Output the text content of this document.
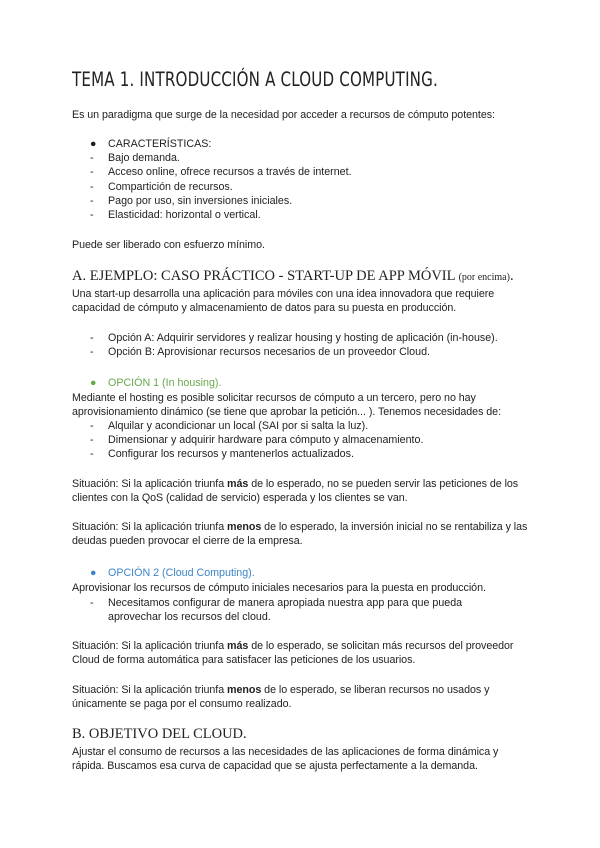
TEMA 1. INTRODUCCIÓN A CLOUD COMPUTING.
Es un paradigma que surge de la necesidad por acceder a recursos de cómputo potentes:
● CARACTERÍSTICAS:
- Bajo demanda.
- Acceso online, ofrece recursos a través de internet.
- Compartición de recursos.
- Pago por uso, sin inversiones iniciales.
- Elasticidad: horizontal o vertical.
Puede ser liberado con esfuerzo mínimo.
A. EJEMPLO: CASO PRÁCTICO - START-UP DE APP MÓVIL (por encima).
Una start-up desarrolla una aplicación para móviles con una idea innovadora que requiere capacidad de cómputo y almacenamiento de datos para su puesta en producción.
- Opción A: Adquirir servidores y realizar housing y hosting de aplicación (in-house).
- Opción B: Aprovisionar recursos necesarios de un proveedor Cloud.
● OPCIÓN 1 (In housing).
Mediante el hosting es posible solicitar recursos de cómputo a un tercero, pero no hay aprovisionamiento dinámico (se tiene que aprobar la petición... ). Tenemos necesidades de:
- Alquilar y acondicionar un local (SAI por si salta la luz).
- Dimensionar y adquirir hardware para cómputo y almacenamiento.
- Configurar los recursos y mantenerlos actualizados.
Situación: Si la aplicación triunfa más de lo esperado, no se pueden servir las peticiones de los clientes con la QoS (calidad de servicio) esperada y los clientes se van.
Situación: Si la aplicación triunfa menos de lo esperado, la inversión inicial no se rentabiliza y las deudas pueden provocar el cierre de la empresa.
● OPCIÓN 2 (Cloud Computing).
Aprovisionar los recursos de cómputo iniciales necesarios para la puesta en producción.
- Necesitamos configurar de manera apropiada nuestra app para que pueda aprovechar los recursos del cloud.
Situación: Si la aplicación triunfa más de lo esperado, se solicitan más recursos del proveedor Cloud de forma automática para satisfacer las peticiones de los usuarios.
Situación: Si la aplicación triunfa menos de lo esperado, se liberan recursos no usados y únicamente se paga por el consumo realizado.
B. OBJETIVO DEL CLOUD.
Ajustar el consumo de recursos a las necesidades de las aplicaciones de forma dinámica y rápida. Buscamos esa curva de capacidad que se ajusta perfectamente a la demanda.
